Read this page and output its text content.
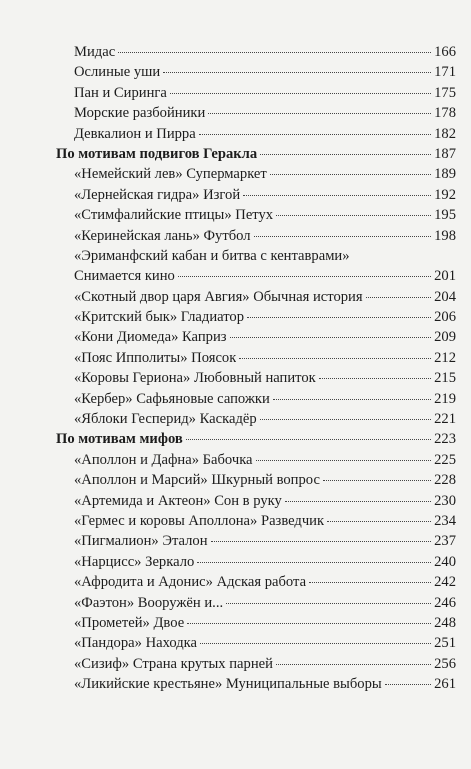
Мидас	166
Ослиные уши	171
Пан и Сиринга	175
Морские разбойники	178
Девкалион и Пирра	182
По мотивам подвигов Геракла	187
«Немейский лев» Супермаркет	189
«Лернейская гидра» Изгой	192
«Стимфалийские птицы» Петух	195
«Керинейская лань» Футбол	198
«Эриманфский кабан и битва с кентаврами»
Снимается кино	201
«Скотный двор царя Авгия» Обычная история	204
«Критский бык» Гладиатор	206
«Кони Диомеда» Каприз	209
«Пояс Ипполиты» Поясок	212
«Коровы Гериона» Любовный напиток	215
«Кербер» Сафьяновые сапожки	219
«Яблоки Гесперид» Каскадёр	221
По мотивам мифов	223
«Аполлон и Дафна» Бабочка	225
«Аполлон и Марсий» Шкурный вопрос	228
«Артемида и Актеон» Сон в руку	230
«Гермес и коровы Аполлона» Разведчик	234
«Пигмалион» Эталон	237
«Нарцисс» Зеркало	240
«Афродита и Адонис» Адская работа	242
«Фаэтон» Вооружён и...	246
«Прометей» Двое	248
«Пандора» Находка	251
«Сизиф» Страна крутых парней	256
«Ликийские крестьяне» Муниципальные выборы	261
